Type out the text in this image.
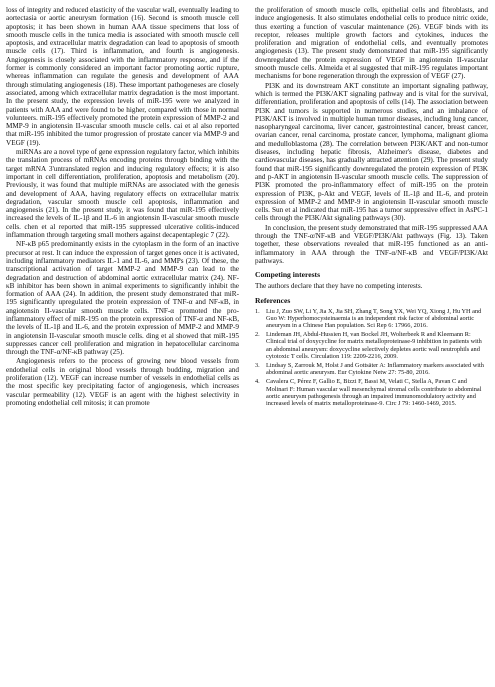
loss of integrity and reduced elasticity of the vascular wall, eventually leading to aortectasia or aortic aneurysm formation (16). Second is smooth muscle cell apoptosis; it has been shown in human AAA tissue specimens that loss of smooth muscle cells in the tunica media is associated with smooth muscle cell apoptosis, and extracellular matrix degradation can lead to apoptosis of smooth muscle cells (17). Third is inflammation, and fourth is angiogenesis. Angiogenesis is closely associated with the inflammatory response, and if the former is commonly considered an important factor promoting aortic rupture, whereas inflammation can regulate the genesis and development of AAA through stimulating angiogenesis (18). These important pathogeneses are closely associated, among which extracellular matrix degradation is the most important. In the present study, the expression levels of miR-195 were we analyzed in patients with AAA and were found to be higher, compared with those in normal volunteers. miR-195 effectively promoted the protein expression of MMP-2 and MMP-9 in angiotensin II-vascular smooth muscle cells. cai et al also reported that miR-195 inhibited the tumor progression of prostate cancer via MMP-9 and VEGF (19).

miRNAs are a novel type of gene expression regulatory factor, which inhibits the translation process of mRNAs encoding proteins through binding with the target mRNA 3'untranslated region and inducing regulatory effects; it is also important in cell differentiation, proliferation, apoptosis and metabolism (20). Previously, it was found that multiple miRNAs are associated with the genesis and development of AAA, having regulatory effects on extracellular matrix degradation, vascular smooth muscle cell apoptosis, inflammation and angiogenesis (21). In the present study, it was found that miR-195 effectively increased the levels of IL-1β and IL-6 in angiotensin II-vascular smooth muscle cells. chen et al reported that miR-195 suppressed ulcerative colitis-induced inflammation through targeting small mothers against decapentaplegic 7 (22).

NF-κB p65 predominantly exists in the cytoplasm in the form of an inactive precursor at rest. It can induce the expression of target genes once it is activated, including inflammatory mediators IL-1 and IL-6, and MMPs (23). Of these, the transcriptional activation of target MMP-2 and MMP-9 can lead to the degradation and destruction of abdominal aortic extracellular matrix (24). NF-κB inhibitor has been shown in animal experiments to significantly inhibit the formation of AAA (24). In addition, the present study demonstrated that miR-195 significantly upregulated the protein expression of TNF-α and NF-κB, in angiotensin II-vascular smooth muscle cells. TNF-α promoted the pro-inflammatory effect of miR-195 on the protein expression of TNF-α and NF-κB, the levels of IL-1β and IL-6, and the protein expression of MMP-2 and MMP-9 in angiotensin II-vascular smooth muscle cells. ding et al showed that miR-195 suppresses cancer cell proliferation and migration in hepatocellular carcinoma through the TNF-α/NF-κB pathway (25).

Angiogenesis refers to the process of growing new blood vessels from endothelial cells in original blood vessels through budding, migration and proliferation (12). VEGF can increase number of vessels in endothelial cells as the most specific key precipitating factor of angiogenesis, which increases vascular permeability (12). VEGF is an agent with the highest selectivity in promoting endothelial cell mitosis; it can promote

the proliferation of smooth muscle cells, epithelial cells and fibroblasts, and induce angiogenesis. It also stimulates endothelial cells to produce nitric oxide, thus exerting a function of vascular maintenance (26). VEGF binds with its receptor, releases multiple growth factors and cytokines, induces the proliferation and migration of endothelial cells, and eventually promotes angiogenesis (13). The present study demonstrated that miR-195 significantly downregulated the protein expression of VEGF in angiotensin II-vascular smooth muscle cells. Almeida et al suggested that miR-195 regulates important mechanisms for bone regeneration through the expression of VEGF (27).

PI3K and its downstream AKT constitute an important signaling pathway, which is termed the PI3K/AKT signaling pathway and is vital for the survival, differentiation, proliferation and apoptosis of cells (14). The association between PI3K and tumors is supported in numerous studies, and an imbalance of PI3K/AKT is involved in multiple human tumor diseases, including lung cancer, nasopharyngeal carcinoma, liver cancer, gastrointestinal cancer, breast cancer, ovarian cancer, renal carcinoma, prostate cancer, lymphoma, malignant glioma and medulloblastoma (28). The correlation between PI3K/AKT and non-tumor diseases, including hepatic fibrosis, Alzheimer's disease, diabetes and cardiovascular diseases, has gradually attracted attention (29). The present study found that miR-195 significantly downregulated the protein expression of PI3K and p-AKT in angiotensin II-vascular smooth muscle cells. The suppression of PI3K promoted the pro-inflammatory effect of miR-195 on the protein expression of PI3K, p-Akt and VEGF, levels of IL-1β and IL-6, and protein expression of MMP-2 and MMP-9 in angiotensin II-vascular smooth muscle cells. Sun et al indicated that miR-195 has a tumor suppressive effect in AsPC-1 cells through the PI3K/Akt signaling pathways (30).

In conclusion, the present study demonstrated that miR-195 suppressed AAA through the TNF-α/NF-κB and VEGF/PI3K/Akt pathways (Fig. 13). Taken together, these observations revealed that miR-195 functioned as an anti-inflammatory in AAA through the TNF-α/NF-κB and VEGF/PI3K/Akt pathways.

Competing interests

The authors declare that they have no competing interests.

References
1. Liu J, Zuo SW, Li Y, Jia X, Jia SH, Zhang T, Song YX, Wei YQ, Xiong J, Hu YH and Guo W: Hyperhomocysteinaemia is an independent risk factor of abdominal aortic aneurysm in a Chinese Han population. Sci Rep 6: 17966, 2016.
2. Lindeman JH, Abdul-Hussien H, van Bockel JH, Wolterbeek R and Kleemann R: Clinical trial of doxycycline for matrix metalloproteinase-9 inhibition in patients with an abdominal aneurysm: doxycycline selectively depletes aortic wall neutrophils and cytotoxic T cells. Circulation 119: 2209-2216, 2009.
3. Lindsay S, Zarrouk M, Holst J and Gottsäter A: Inflammatory markers associated with abdominal aortic aneurysm. Eur Cytokine Netw 27: 75-80, 2016.
4. Cavalera C, Pérez F, Gallio E, Bizzi F, Bassi M, Velati C, Stella A, Pavan C and Molinari F: Human vascular wall mesenchymal stromal cells contribute to abdominal aortic aneurysm pathogenesis through an impaired immunomodulatory activity and increased levels of matrix metalloproteinase-9. Circ J 79: 1460-1469, 2015.
